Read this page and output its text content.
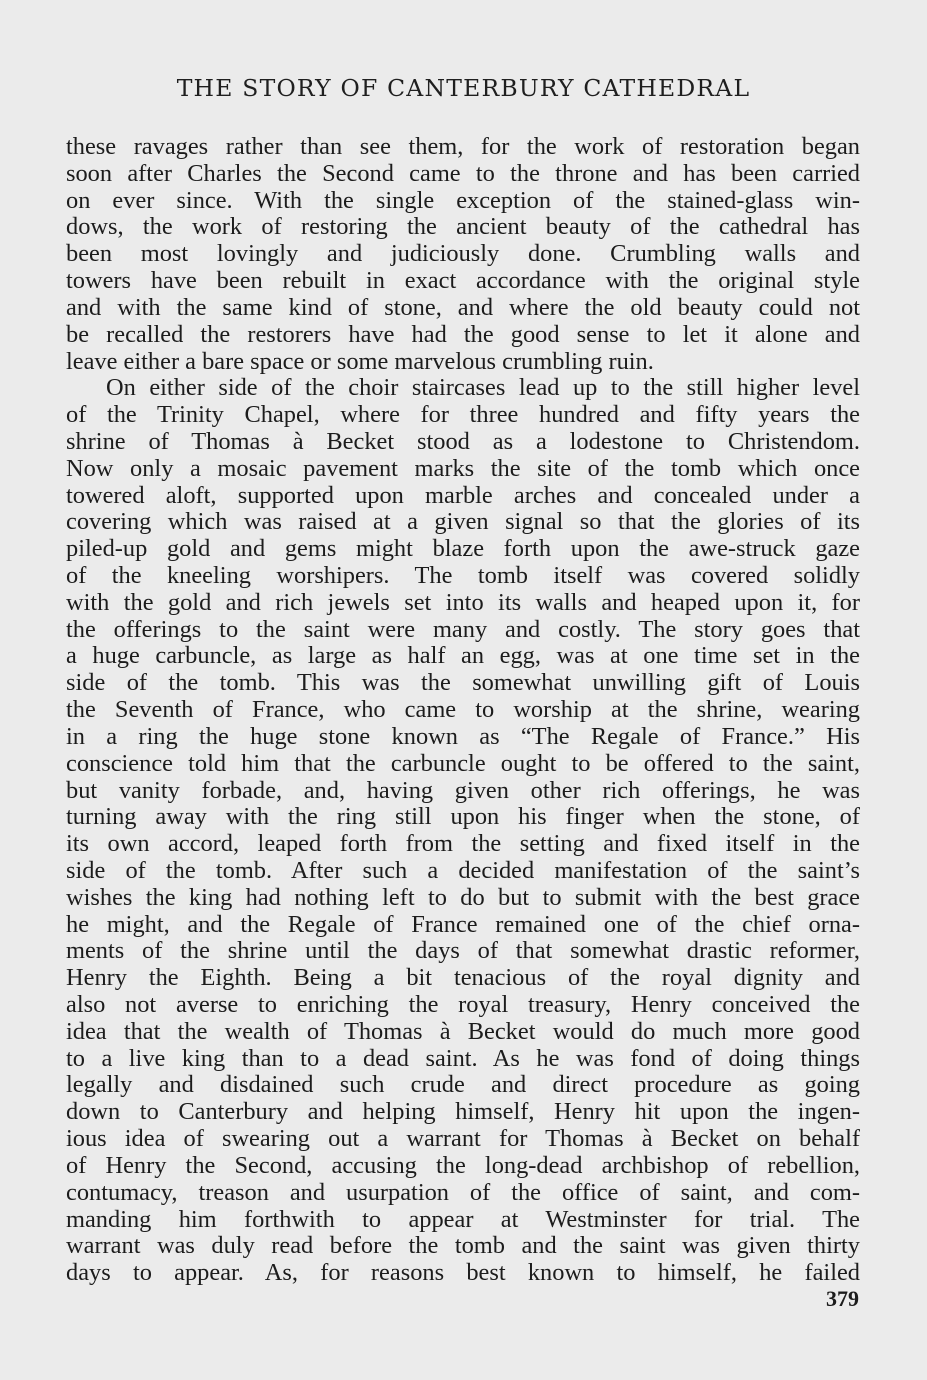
THE STORY OF CANTERBURY CATHEDRAL
these ravages rather than see them, for the work of restoration began
soon after Charles the Second came to the throne and has been carried
on ever since. With the single exception of the stained-glass win-
dows, the work of restoring the ancient beauty of the cathedral has
been most lovingly and judiciously done. Crumbling walls and
towers have been rebuilt in exact accordance with the original style
and with the same kind of stone, and where the old beauty could not
be recalled the restorers have had the good sense to let it alone and
leave either a bare space or some marvelous crumbling ruin.
On either side of the choir staircases lead up to the still higher level
of the Trinity Chapel, where for three hundred and fifty years the
shrine of Thomas à Becket stood as a lodestone to Christendom.
Now only a mosaic pavement marks the site of the tomb which once
towered aloft, supported upon marble arches and concealed under a
covering which was raised at a given signal so that the glories of its
piled-up gold and gems might blaze forth upon the awe-struck gaze
of the kneeling worshipers. The tomb itself was covered solidly
with the gold and rich jewels set into its walls and heaped upon it, for
the offerings to the saint were many and costly. The story goes that
a huge carbuncle, as large as half an egg, was at one time set in the
side of the tomb. This was the somewhat unwilling gift of Louis
the Seventh of France, who came to worship at the shrine, wearing
in a ring the huge stone known as “The Regale of France.” His
conscience told him that the carbuncle ought to be offered to the saint,
but vanity forbade, and, having given other rich offerings, he was
turning away with the ring still upon his finger when the stone, of
its own accord, leaped forth from the setting and fixed itself in the
side of the tomb. After such a decided manifestation of the saint’s
wishes the king had nothing left to do but to submit with the best grace
he might, and the Regale of France remained one of the chief orna-
ments of the shrine until the days of that somewhat drastic reformer,
Henry the Eighth. Being a bit tenacious of the royal dignity and
also not averse to enriching the royal treasury, Henry conceived the
idea that the wealth of Thomas à Becket would do much more good
to a live king than to a dead saint. As he was fond of doing things
legally and disdained such crude and direct procedure as going
down to Canterbury and helping himself, Henry hit upon the ingen-
ious idea of swearing out a warrant for Thomas à Becket on behalf
of Henry the Second, accusing the long-dead archbishop of rebellion,
contumacy, treason and usurpation of the office of saint, and com-
manding him forthwith to appear at Westminster for trial. The
warrant was duly read before the tomb and the saint was given thirty
days to appear. As, for reasons best known to himself, he failed
379
